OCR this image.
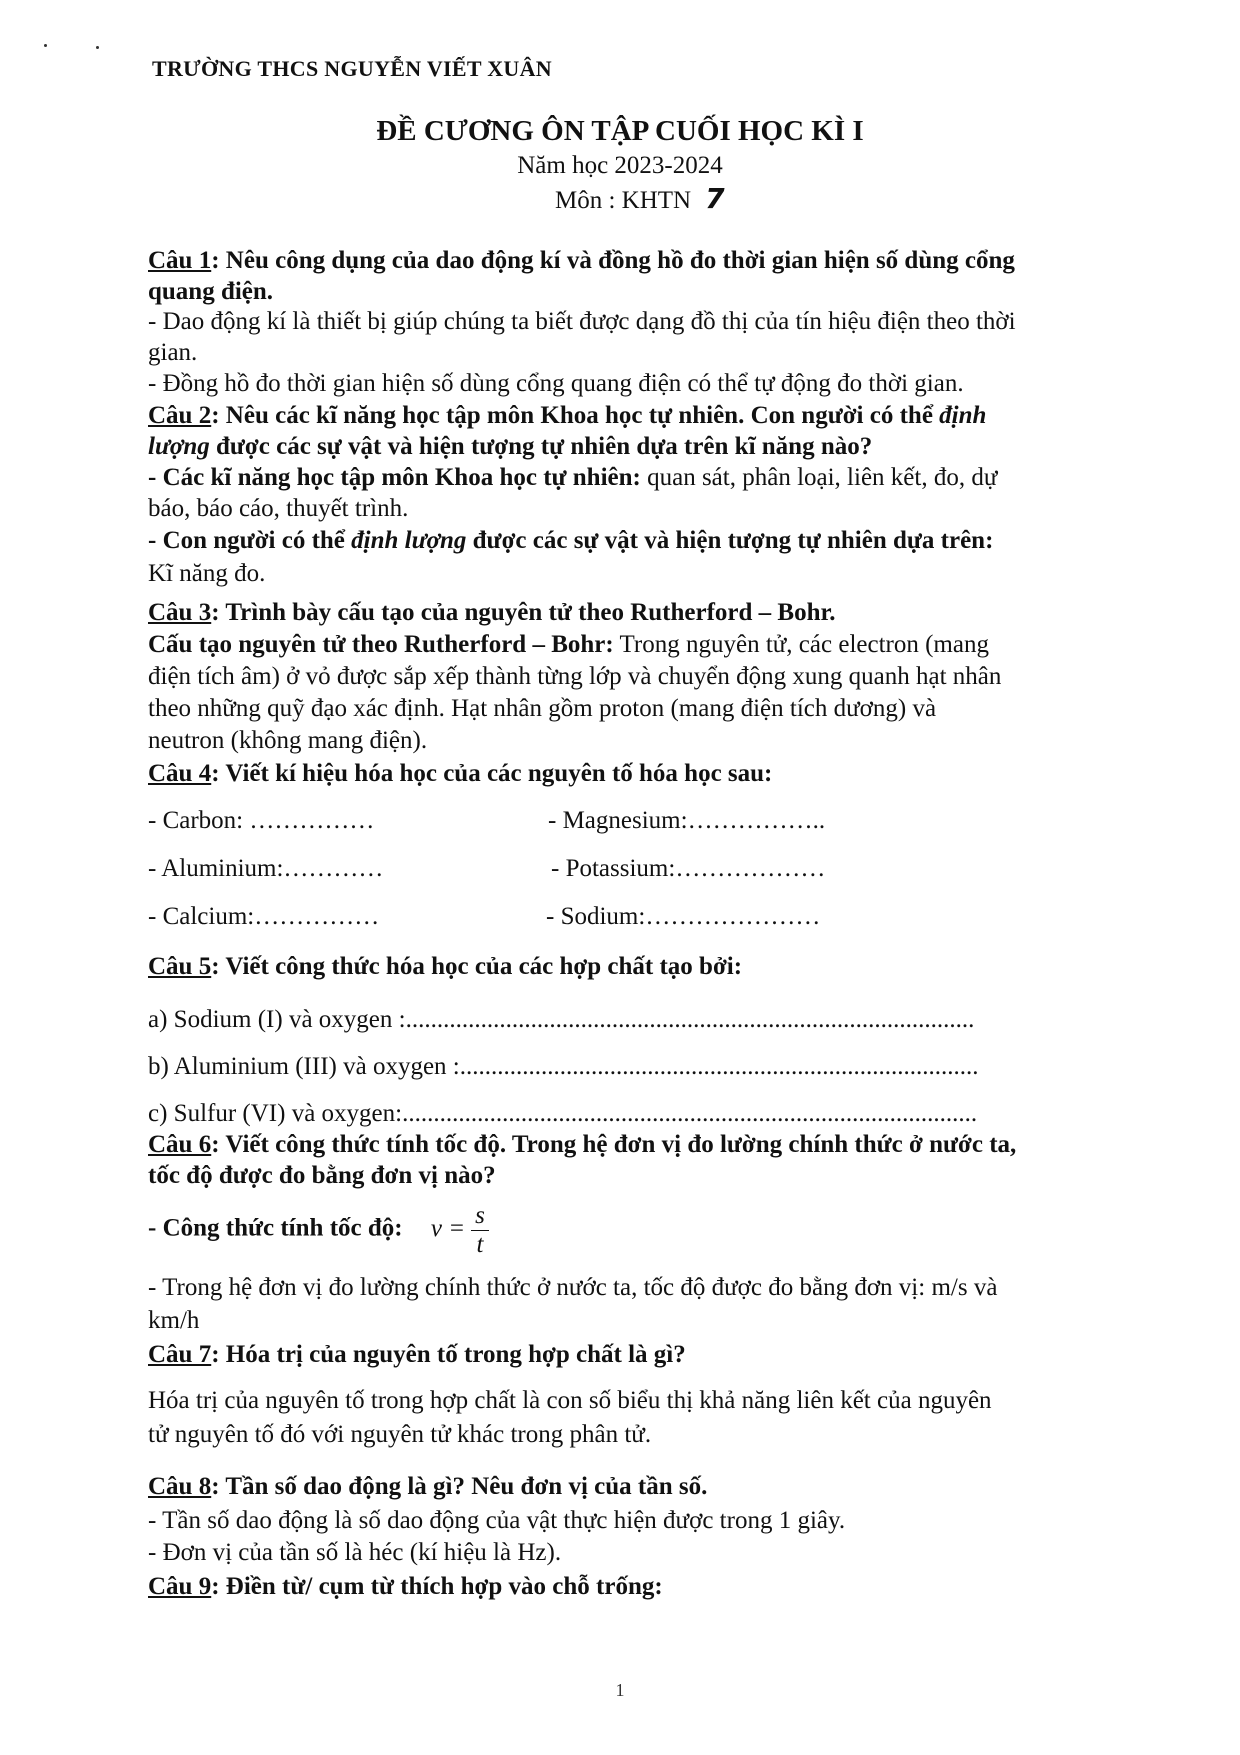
TRƯỜNG THCS NGUYỄN VIẾT XUÂN
ĐỀ CƯƠNG ÔN TẬP CUỐI HỌC KÌ I
Năm học 2023-2024
Môn : KHTN 7
Câu 1: Nêu công dụng của dao động kí và đồng hồ đo thời gian hiện số dùng cổng
quang điện.
- Dao động kí là thiết bị giúp chúng ta biết được dạng đồ thị của tín hiệu điện theo thời
gian.
- Đồng hồ đo thời gian hiện số dùng cổng quang điện có thể tự động đo thời gian.
Câu 2: Nêu các kĩ năng học tập môn Khoa học tự nhiên. Con người có thể định
lượng được các sự vật và hiện tượng tự nhiên dựa trên kĩ năng nào?
- Các kĩ năng học tập môn Khoa học tự nhiên: quan sát, phân loại, liên kết, đo, dự
báo, báo cáo, thuyết trình.
- Con người có thể định lượng được các sự vật và hiện tượng tự nhiên dựa trên:
Kĩ năng đo.
Câu 3: Trình bày cấu tạo của nguyên tử theo Rutherford – Bohr.
Cấu tạo nguyên tử theo Rutherford – Bohr: Trong nguyên tử, các electron (mang
điện tích âm) ở vỏ được sắp xếp thành từng lớp và chuyển động xung quanh hạt nhân
theo những quỹ đạo xác định. Hạt nhân gồm proton (mang điện tích dương) và
neutron (không mang điện).
Câu 4: Viết kí hiệu hóa học của các nguyên tố hóa học sau:
- Carbon: ……………	- Magnesium:……………..
- Aluminium:…………	- Potassium:………………
- Calcium:……………	- Sodium:…………………
Câu 5: Viết công thức hóa học của các hợp chất tạo bởi:
a) Sodium (I) và oxygen :...........................................................................................
b) Aluminium (III) và oxygen :...................................................................................
c) Sulfur (VI) và oxygen:............................................................................................
Câu 6: Viết công thức tính tốc độ. Trong hệ đơn vị đo lường chính thức ở nước ta,
tốc độ được đo bằng đơn vị nào?
- Công thức tính tốc độ: $v = \frac{s}{t}$
- Trong hệ đơn vị đo lường chính thức ở nước ta, tốc độ được đo bằng đơn vị: m/s và
km/h
Câu 7: Hóa trị của nguyên tố trong hợp chất là gì?
Hóa trị của nguyên tố trong hợp chất là con số biểu thị khả năng liên kết của nguyên
tử nguyên tố đó với nguyên tử khác trong phân tử.
Câu 8: Tần số dao động là gì? Nêu đơn vị của tần số.
- Tần số dao động là số dao động của vật thực hiện được trong 1 giây.
- Đơn vị của tần số là héc (kí hiệu là Hz).
Câu 9: Điền từ/ cụm từ thích hợp vào chỗ trống:
1
